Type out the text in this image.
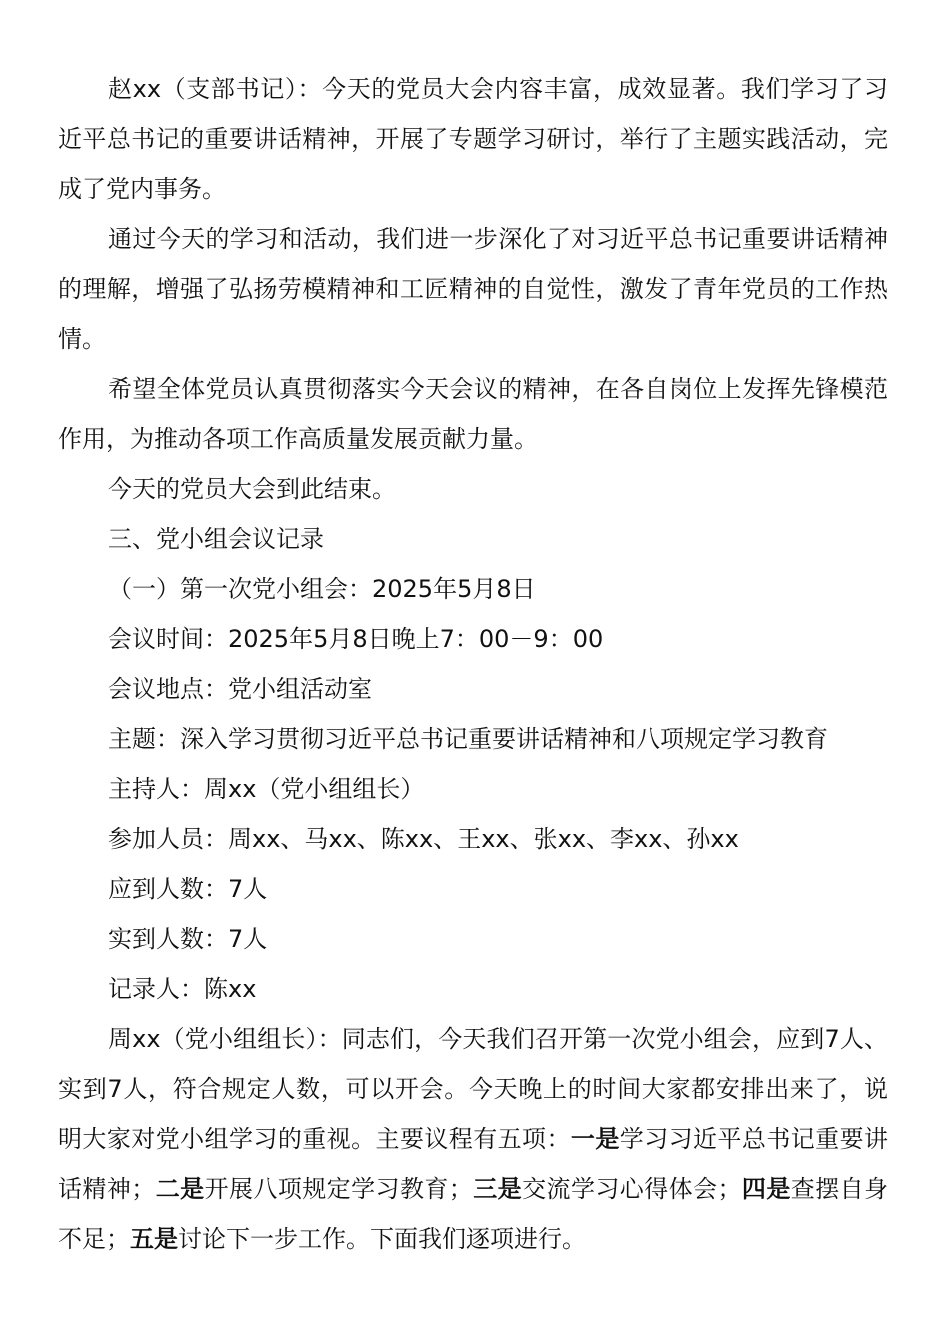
赵xx（支部书记）：今天的党员大会内容丰富，成效显著。我们学习了习近平总书记的重要讲话精神，开展了专题学习研讨，举行了主题实践活动，完成了党内事务。

通过今天的学习和活动，我们进一步深化了对习近平总书记重要讲话精神的理解，增强了弘扬劳模精神和工匠精神的自觉性，激发了青年党员的工作热情。

希望全体党员认真贯彻落实今天会议的精神，在各自岗位上发挥先锋模范作用，为推动各项工作高质量发展贡献力量。

今天的党员大会到此结束。

三、党小组会议记录

（一）第一次党小组会：2025年5月8日

会议时间：2025年5月8日晚上7：00－9：00

会议地点：党小组活动室

主题：深入学习贯彻习近平总书记重要讲话精神和八项规定学习教育

主持人：周xx（党小组组长）

参加人员：周xx、马xx、陈xx、王xx、张xx、李xx、孙xx

应到人数：7人

实到人数：7人

记录人：陈xx

周xx（党小组组长）：同志们，今天我们召开第一次党小组会，应到7人、实到7人，符合规定人数，可以开会。今天晚上的时间大家都安排出来了，说明大家对党小组学习的重视。主要议程有五项：一是学习习近平总书记重要讲话精神；二是开展八项规定学习教育；三是交流学习心得体会；四是查摆自身不足；五是讨论下一步工作。下面我们逐项进行。
